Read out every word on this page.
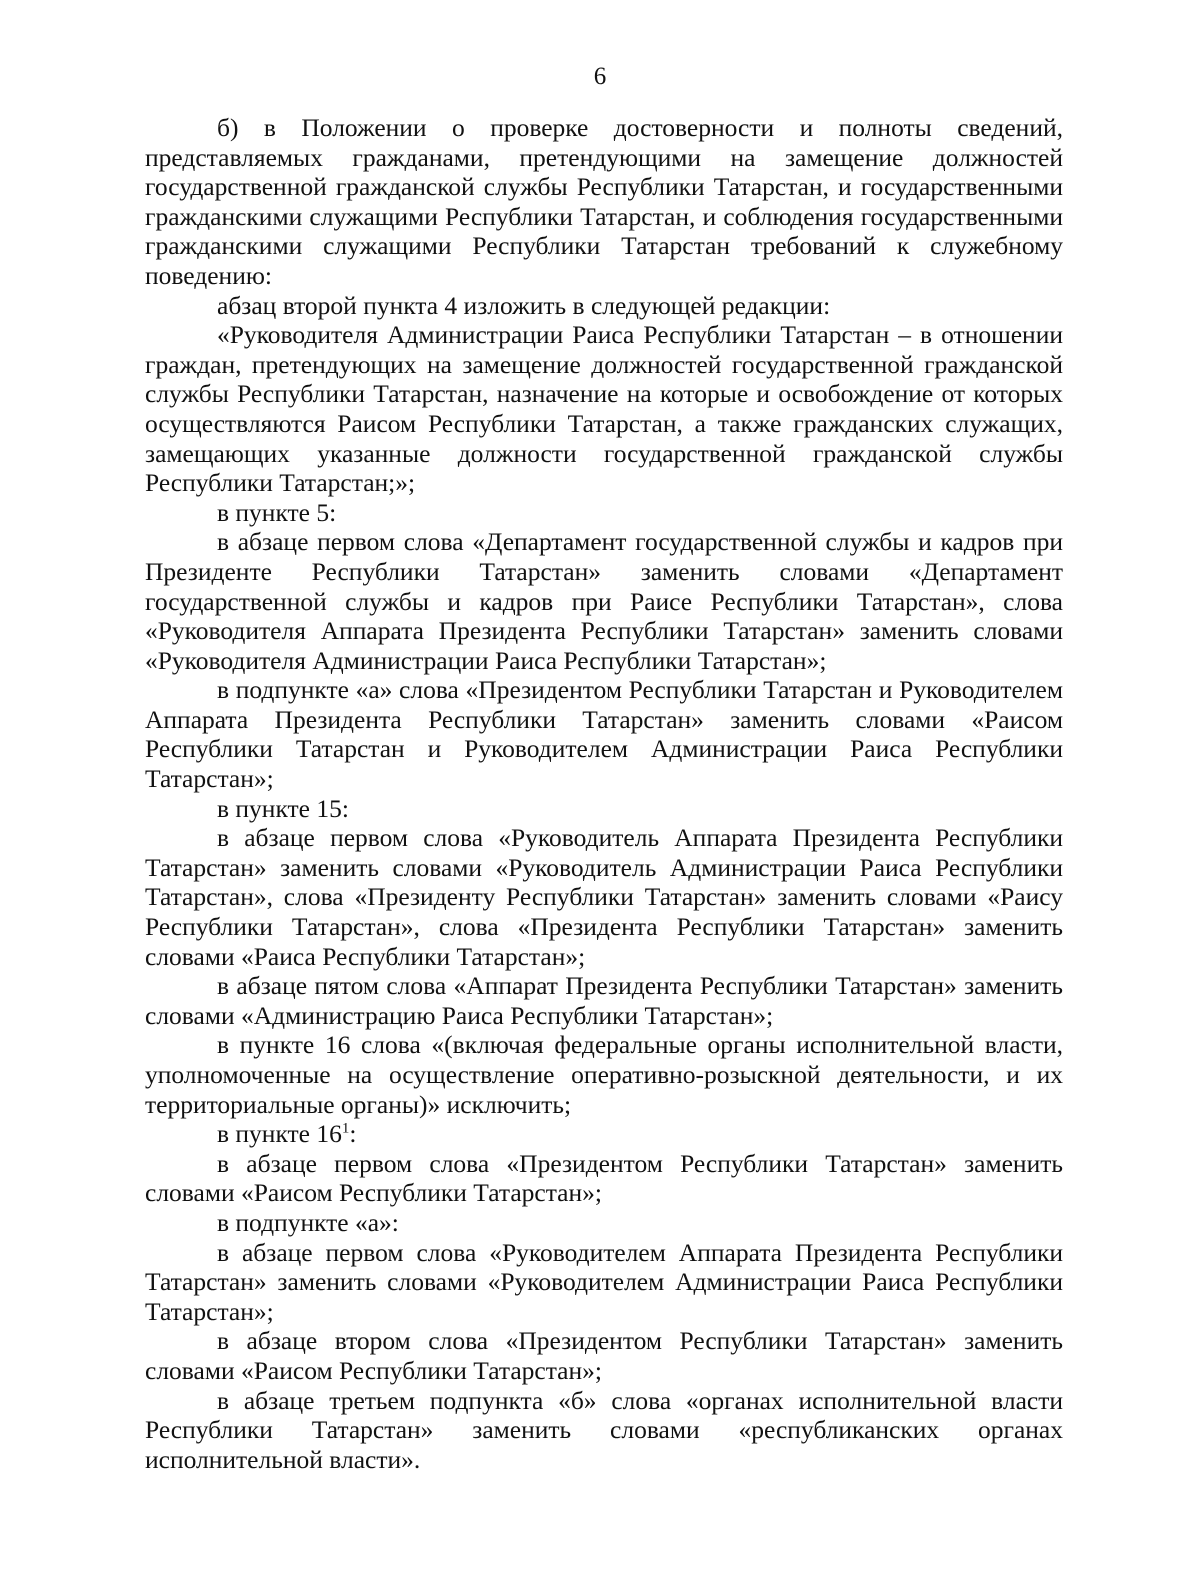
6

б) в Положении о проверке достоверности и полноты сведений, представляемых гражданами, претендующими на замещение должностей государственной гражданской службы Республики Татарстан, и государственными гражданскими служащими Республики Татарстан, и соблюдения государственными гражданскими служащими Республики Татарстан требований к служебному поведению:

абзац второй пункта 4 изложить в следующей редакции:

«Руководителя Администрации Раиса Республики Татарстан – в отношении граждан, претендующих на замещение должностей государственной гражданской службы Республики Татарстан, назначение на которые и освобождение от которых осуществляются Раисом Республики Татарстан, а также гражданских служащих, замещающих указанные должности государственной гражданской службы Республики Татарстан;»;

в пункте 5:

в абзаце первом слова «Департамент государственной службы и кадров при Президенте Республики Татарстан» заменить словами «Департамент государственной службы и кадров при Раисе Республики Татарстан», слова «Руководителя Аппарата Президента Республики Татарстан» заменить словами «Руководителя Администрации Раиса Республики Татарстан»;

в подпункте «а» слова «Президентом Республики Татарстан и Руководителем Аппарата Президента Республики Татарстан» заменить словами «Раисом Республики Татарстан и Руководителем Администрации Раиса Республики Татарстан»;

в пункте 15:

в абзаце первом слова «Руководитель Аппарата Президента Республики Татарстан» заменить словами «Руководитель Администрации Раиса Республики Татарстан», слова «Президенту Республики Татарстан» заменить словами «Раису Республики Татарстан», слова «Президента Республики Татарстан» заменить словами «Раиса Республики Татарстан»;

в абзаце пятом слова «Аппарат Президента Республики Татарстан» заменить словами «Администрацию Раиса Республики Татарстан»;

в пункте 16 слова «(включая федеральные органы исполнительной власти, уполномоченные на осуществление оперативно-розыскной деятельности, и их территориальные органы)» исключить;

в пункте $16^1$:

в абзаце первом слова «Президентом Республики Татарстан» заменить словами «Раисом Республики Татарстан»;

в подпункте «а»:

в абзаце первом слова «Руководителем Аппарата Президента Республики Татарстан» заменить словами «Руководителем Администрации Раиса Республики Татарстан»;

в абзаце втором слова «Президентом Республики Татарстан» заменить словами «Раисом Республики Татарстан»;

в абзаце третьем подпункта «б» слова «органах исполнительной власти Республики Татарстан» заменить словами «республиканских органах исполнительной власти».
